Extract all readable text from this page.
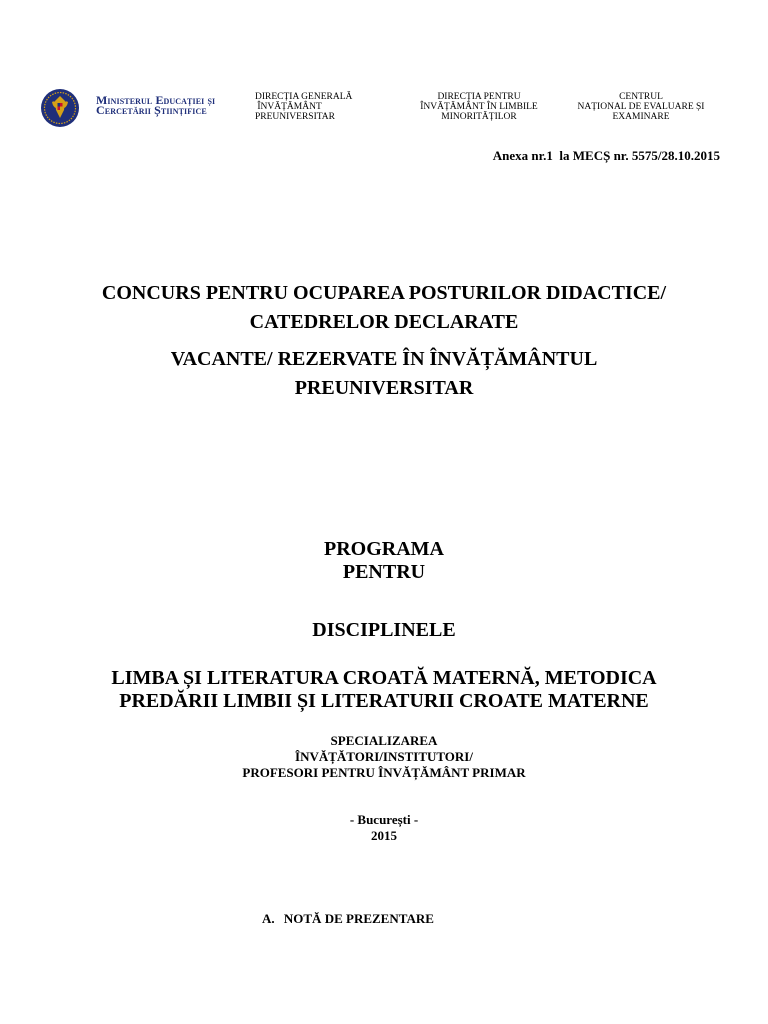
Ministerul Educației și
Cercetării Științifice
DIRECȚIA GENERALĂ
ÎNVĂȚĂMÂNT
PREUNIVERSITAR
DIRECȚIA PENTRU
ÎNVĂȚĂMÂNT ÎN LIMBILE
MINORITĂȚILOR
CENTRUL
NAȚIONAL DE EVALUARE ȘI
EXAMINARE
Anexa nr.1  la MECȘ nr. 5575/28.10.2015
CONCURS PENTRU OCUPAREA POSTURILOR DIDACTICE/
CATEDRELOR DECLARATE
VACANTE/ REZERVATE ÎN ÎNVĂȚĂMÂNTUL
PREUNIVERSITAR
PROGRAMA
PENTRU
DISCIPLINELE
LIMBA ȘI LITERATURA CROATĂ MATERNĂ, METODICA
PREDĂRII LIMBII ȘI LITERATURII CROATE MATERNE
SPECIALIZAREA
ÎNVĂȚĂTORI/INSTITUTORI/
PROFESORI PENTRU ÎNVĂȚĂMÂNT PRIMAR
- București -
2015
A. NOTĂ DE PREZENTARE
